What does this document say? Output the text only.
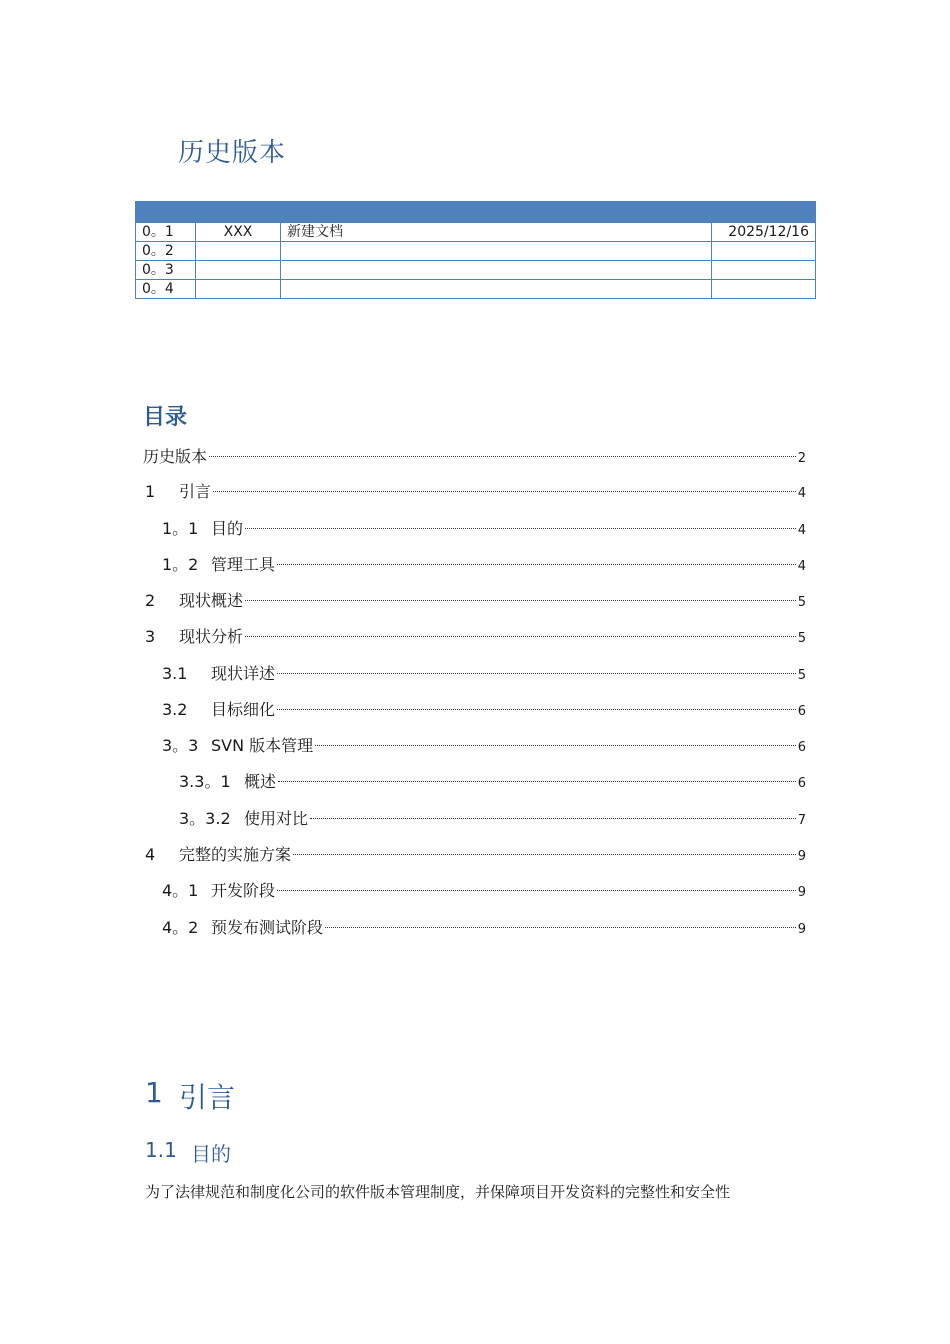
历史版本

0。1	XXX	新建文档	2025/12/16
0。2			
0。3			
0。4			
目录
历史版本	2
1	引言	4
1。1 目的	4
1。2 管理工具	4
2	现状概述	5
3	现状分析	5
3.1	现状详述	5
3.2	目标细化	6
3。3 SVN 版本管理	6
3.3。1 概述	6
3。3.2 使用对比	7
4	完整的实施方案	9
4。1 开发阶段	9
4。2 预发布测试阶段	9
1 引言
1.1 目的
为了法律规范和制度化公司的软件版本管理制度，并保障项目开发资料的完整性和安全性
